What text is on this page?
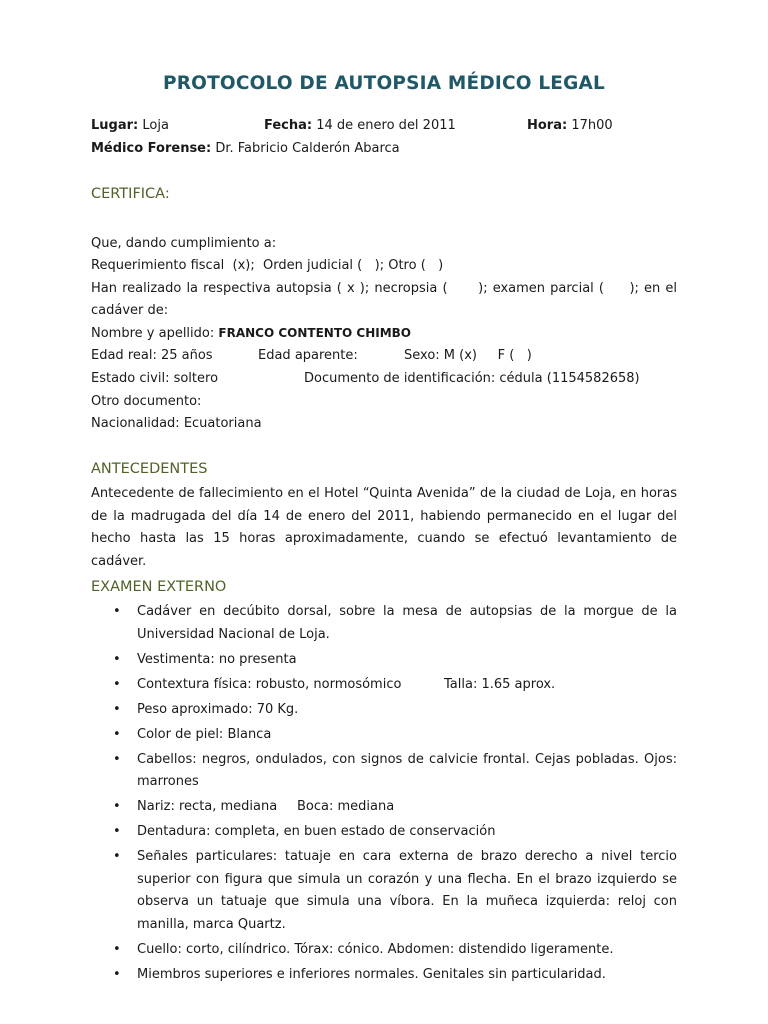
PROTOCOLO DE AUTOPSIA MÉDICO LEGAL
Lugar: Loja	Fecha: 14 de enero del 2011	Hora: 17h00
Médico Forense: Dr. Fabricio Calderón Abarca
CERTIFICA:
Que, dando cumplimiento a:
Requerimiento fiscal  (x);  Orden judicial (   ); Otro (   )
Han realizado la respectiva autopsia ( x ); necropsia (      ); examen parcial (     ); en el
cadáver de:
Nombre y apellido: FRANCO CONTENTO CHIMBO
Edad real: 25 años	Edad aparente:	Sexo: M (x)     F (   )
Estado civil: soltero	Documento de identificación: cédula (1154582658)
Otro documento:
Nacionalidad: Ecuatoriana
ANTECEDENTES
Antecedente de fallecimiento en el Hotel “Quinta Avenida” de la ciudad de Loja, en horas de la madrugada del día 14 de enero del 2011, habiendo permanecido en el lugar del hecho hasta las 15 horas aproximadamente, cuando se efectuó levantamiento de cadáver.
EXAMEN EXTERNO
• Cadáver en decúbito dorsal, sobre la mesa de autopsias de la morgue de la Universidad Nacional de Loja.
• Vestimenta: no presenta
• Contextura física: robusto, normosómico	Talla: 1.65 aprox.
• Peso aproximado: 70 Kg.
• Color de piel: Blanca
• Cabellos: negros, ondulados, con signos de calvicie frontal. Cejas pobladas. Ojos: marrones
• Nariz: recta, mediana Boca: mediana
• Dentadura: completa, en buen estado de conservación
• Señales particulares: tatuaje en cara externa de brazo derecho a nivel tercio superior con figura que simula un corazón y una flecha. En el brazo izquierdo se observa un tatuaje que simula una víbora. En la muñeca izquierda: reloj con manilla, marca Quartz.
• Cuello: corto, cilíndrico. Tórax: cónico. Abdomen: distendido ligeramente.
• Miembros superiores e inferiores normales. Genitales sin particularidad.
